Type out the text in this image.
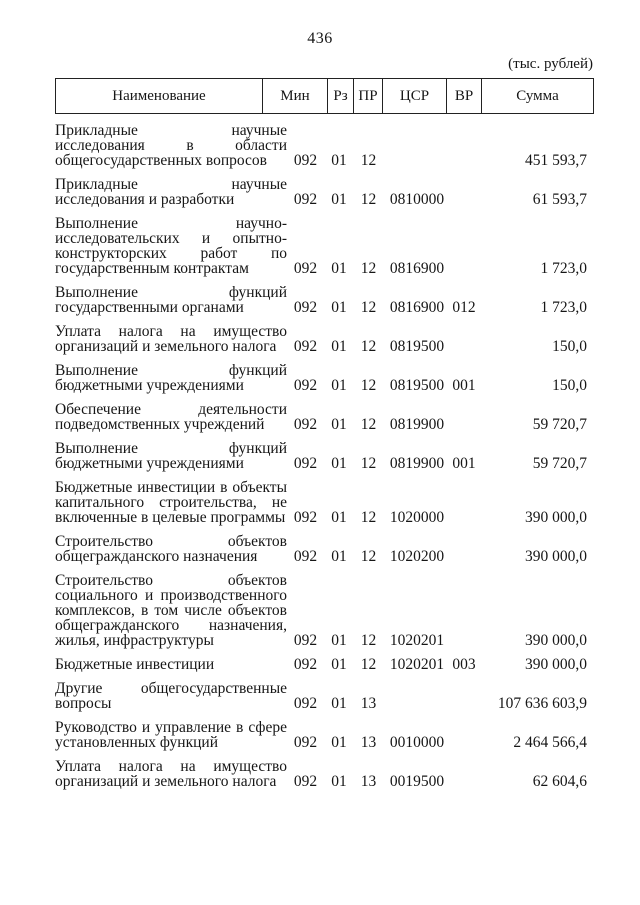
436
(тыс. рублей)
Наименование	Мин	Рз	ПР	ЦСР	ВР	Сумма
Прикладные научные исследования в области общегосударственных вопросов	092	01	12			451 593,7
Прикладные научные исследования и разработки	092	01	12	0810000		61 593,7
Выполнение научно-исследовательских и опытно-конструкторских работ по государственным контрактам	092	01	12	0816900		1 723,0
Выполнение функций государственными органами	092	01	12	0816900	012	1 723,0
Уплата налога на имущество организаций и земельного налога	092	01	12	0819500		150,0
Выполнение функций бюджетными учреждениями	092	01	12	0819500	001	150,0
Обеспечение деятельности подведомственных учреждений	092	01	12	0819900		59 720,7
Выполнение функций бюджетными учреждениями	092	01	12	0819900	001	59 720,7
Бюджетные инвестиции в объекты капитального строительства, не включенные в целевые программы	092	01	12	1020000		390 000,0
Строительство объектов общегражданского назначения	092	01	12	1020200		390 000,0
Строительство объектов социального и производственного комплексов, в том числе объектов общегражданского назначения, жилья, инфраструктуры	092	01	12	1020201		390 000,0
Бюджетные инвестиции	092	01	12	1020201	003	390 000,0
Другие общегосударственные вопросы	092	01	13			107 636 603,9
Руководство и управление в сфере установленных функций	092	01	13	0010000		2 464 566,4
Уплата налога на имущество организаций и земельного налога	092	01	13	0019500		62 604,6
